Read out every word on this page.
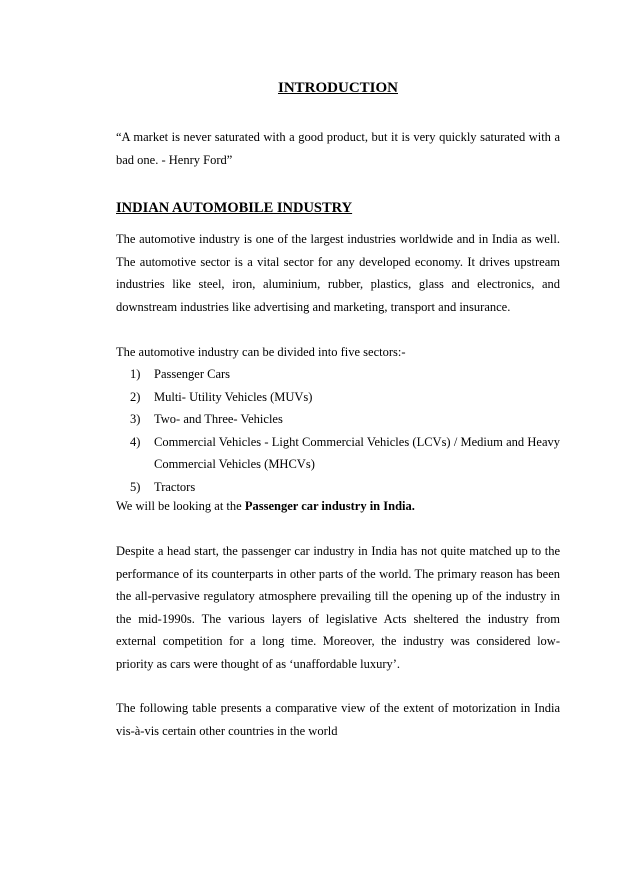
INTRODUCTION
“A market is never saturated with a good product, but it is very quickly saturated with a bad one. - Henry Ford”
INDIAN AUTOMOBILE INDUSTRY
The automotive industry is one of the largest industries worldwide and in India as well. The automotive sector is a vital sector for any developed economy. It drives upstream industries like steel, iron, aluminium, rubber, plastics, glass and electronics, and downstream industries like advertising and marketing, transport and insurance.
The automotive industry can be divided into five sectors:-
1) Passenger Cars
2) Multi- Utility Vehicles (MUVs)
3) Two- and Three- Vehicles
4) Commercial Vehicles - Light Commercial Vehicles (LCVs) / Medium and Heavy Commercial Vehicles (MHCVs)
5) Tractors
We will be looking at the Passenger car industry in India.
Despite a head start, the passenger car industry in India has not quite matched up to the performance of its counterparts in other parts of the world. The primary reason has been the all-pervasive regulatory atmosphere prevailing till the opening up of the industry in the mid-1990s. The various layers of legislative Acts sheltered the industry from external competition for a long time. Moreover, the industry was considered low-priority as cars were thought of as ‘unaffordable luxury’.
The following table presents a comparative view of the extent of motorization in India vis-à-vis certain other countries in the world
